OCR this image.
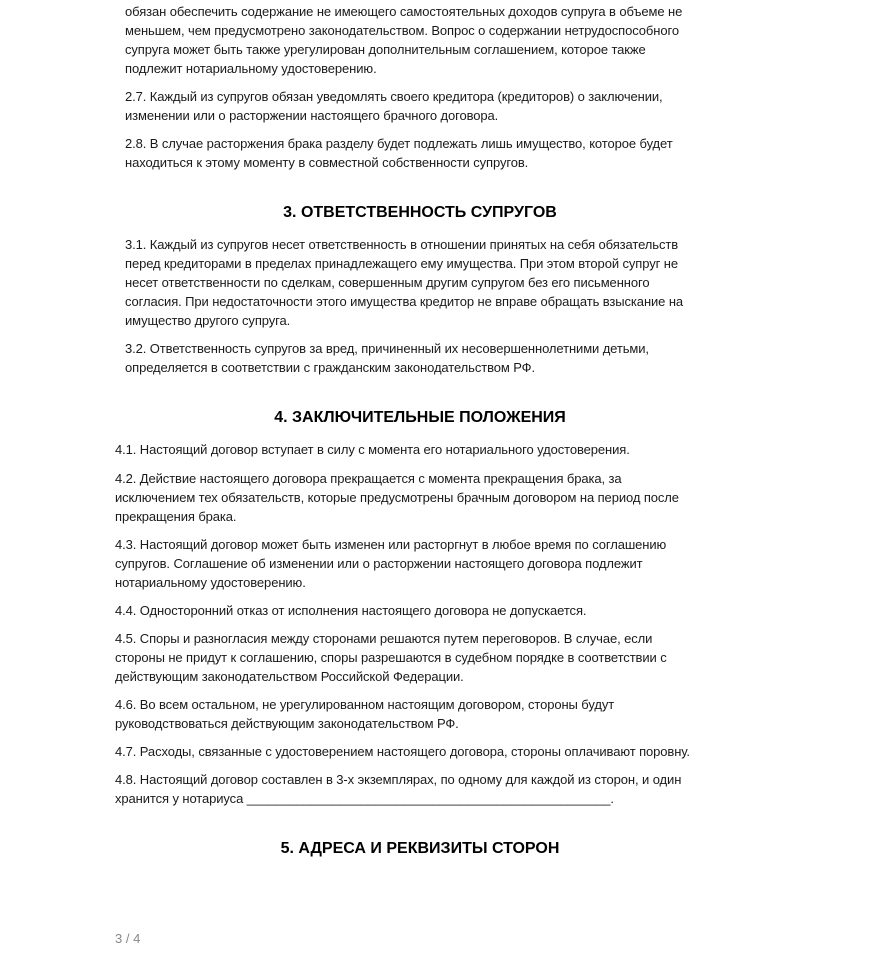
обязан обеспечить содержание не имеющего самостоятельных доходов супруга в объеме не
меньшем, чем предусмотрено законодательством. Вопрос о содержании нетрудоспособного
супруга может быть также урегулирован дополнительным соглашением, которое также
подлежит нотариальному удостоверению.
2.7. Каждый из супругов обязан уведомлять своего кредитора (кредиторов) о заключении,
изменении или о расторжении настоящего брачного договора.
2.8. В случае расторжения брака разделу будет подлежать лишь имущество, которое будет
находиться к этому моменту в совместной собственности супругов.
3. ОТВЕТСТВЕННОСТЬ СУПРУГОВ
3.1. Каждый из супругов несет ответственность в отношении принятых на себя обязательств
перед кредиторами в пределах принадлежащего ему имущества. При этом второй супруг не
несет ответственности по сделкам, совершенным другим супругом без его письменного
согласия. При недостаточности этого имущества кредитор не вправе обращать взыскание на
имущество другого супруга.
3.2. Ответственность супругов за вред, причиненный их несовершеннолетними детьми,
определяется в соответствии с гражданским законодательством РФ.
4. ЗАКЛЮЧИТЕЛЬНЫЕ ПОЛОЖЕНИЯ
4.1. Настоящий договор вступает в силу с момента его нотариального удостоверения.
4.2. Действие настоящего договора прекращается с момента прекращения брака, за
исключением тех обязательств, которые предусмотрены брачным договором на период после
прекращения брака.
4.3. Настоящий договор может быть изменен или расторгнут в любое время по соглашению
супругов. Соглашение об изменении или о расторжении настоящего договора подлежит
нотариальному удостоверению.
4.4. Односторонний отказ от исполнения настоящего договора не допускается.
4.5. Споры и разногласия между сторонами решаются путем переговоров. В случае, если
стороны не придут к соглашению, споры разрешаются в судебном порядке в соответствии с
действующим законодательством Российской Федерации.
4.6. Во всем остальном, не урегулированном настоящим договором, стороны будут
руководствоваться действующим законодательством РФ.
4.7. Расходы, связанные с удостоверением настоящего договора, стороны оплачивают поровну.
4.8. Настоящий договор составлен в 3-х экземплярах, по одному для каждой из сторон, и один
хранится у нотариуса ___________________________________________________.
5. АДРЕСА И РЕКВИЗИТЫ СТОРОН
3 / 4
